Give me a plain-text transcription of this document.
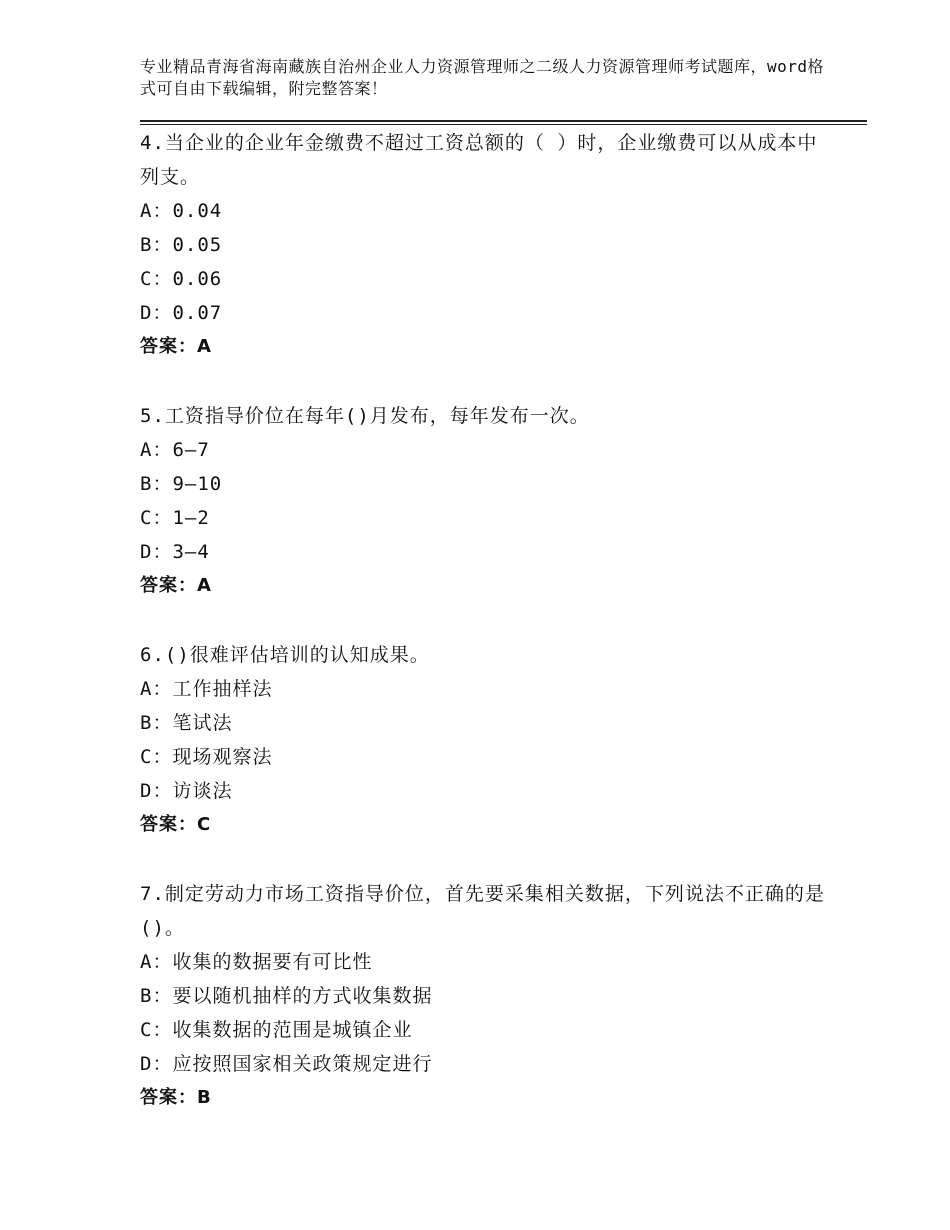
专业精品青海省海南藏族自治州企业人力资源管理师之二级人力资源管理师考试题库，word格式可自由下载编辑，附完整答案！

4.当企业的企业年金缴费不超过工资总额的（ ）时，企业缴费可以从成本中列支。

A：0.04

B：0.05

C：0.06

D：0.07

答案：A

5.工资指导价位在每年()月发布，每年发布一次。

A：6—7

B：9—10

C：1—2

D：3—4

答案：A

6.()很难评估培训的认知成果。

A：工作抽样法

B：笔试法

C：现场观察法

D：访谈法

答案：C

7.制定劳动力市场工资指导价位，首先要采集相关数据，下列说法不正确的是()。

A：收集的数据要有可比性

B：要以随机抽样的方式收集数据

C：收集数据的范围是城镇企业

D：应按照国家相关政策规定进行

答案：B
